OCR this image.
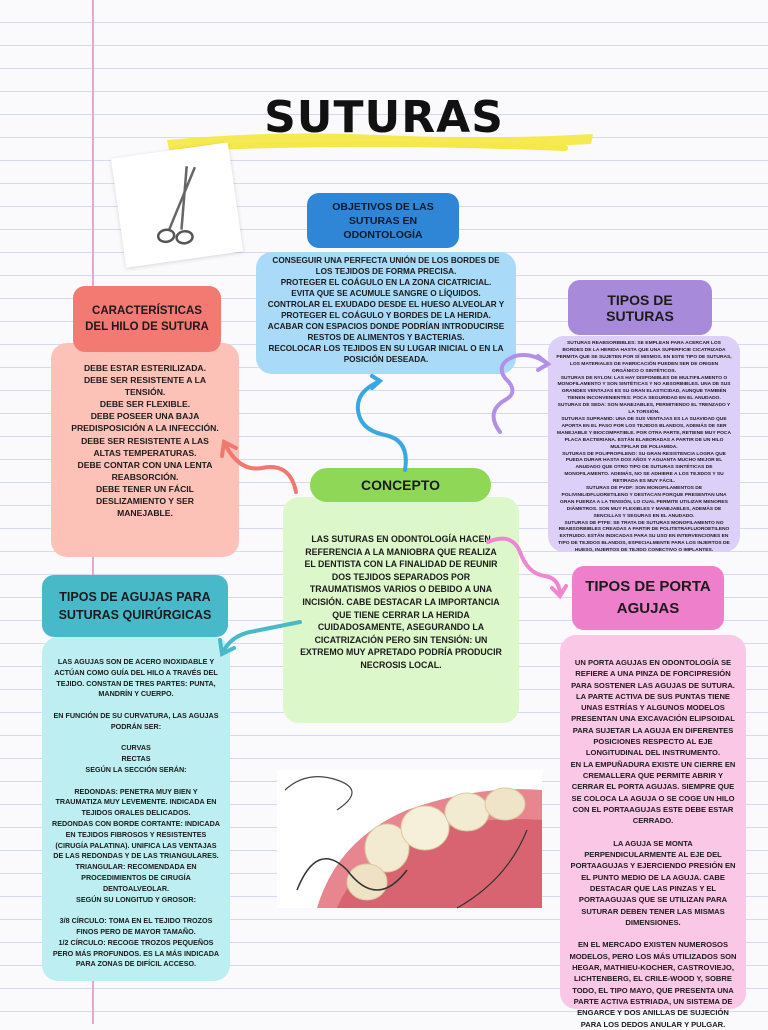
SUTURAS

CONSEGUIR UNA PERFECTA UNIÓN DE LOS BORDES DE LOS TEJIDOS DE FORMA PRECISA.
PROTEGER EL COÁGULO EN LA ZONA CICATRICIAL.
EVITA QUE SE ACUMULE SANGRE O LÍQUIDOS.
CONTROLAR EL EXUDADO DESDE EL HUESO ALVEOLAR Y PROTEGER EL COÁGULO Y BORDES DE LA HERIDA.
ACABAR CON ESPACIOS DONDE PODRÍAN INTRODUCIRSE RESTOS DE ALIMENTOS Y BACTERIAS.
RECOLOCAR LOS TEJIDOS EN SU LUGAR INICIAL O EN LA POSICIÓN DESEADA.

OBJETIVOS DE LAS SUTURAS EN ODONTOLOGÍA

DEBE ESTAR ESTERILIZADA.
DEBE SER RESISTENTE A LA TENSIÓN.
DEBE SER FLEXIBLE.
DEBE POSEER UNA BAJA PREDISPOSICIÓN A LA INFECCIÓN.
DEBE SER RESISTENTE A LAS ALTAS TEMPERATURAS.
DEBE CONTAR CON UNA LENTA REABSORCIÓN.
DEBE TENER UN FÁCIL DESLIZAMIENTO Y SER MANEJABLE.

CARACTERÍSTICAS DEL HILO DE SUTURA

SUTURAS REABSORBIBLES: SE EMPLEAN PARA ACERCAR LOS BORDES DE LA HERIDA HASTA QUE UNA SUPERFICIE CICATRIZADA PERMITA QUE SE SUJETEN POR SÍ MISMOS. EN ESTE TIPO DE SUTURAS, LOS MATERIALES DE FABRICACIÓN PUEDEN SER DE ORIGEN ORGÁNICO O SINTÉTICOS.
SUTURAS DE NYLON: LAS HAY DISPONIBLES DE MULTIFILAMENTO O MONOFILAMENTO Y SON SINTÉTICAS Y NO ABSORBIBLES. UNA DE SUS GRANDES VENTAJAS ES SU GRAN ELASTICIDAD, AUNQUE TAMBIÉN TIENEN INCONVENIENTES: POCA SEGURIDAD EN EL ANUDADO.
SUTURAS DE SEDA: SON MANEJABLES, PERMITIENDO EL TRENZADO Y LA TORSIÓN.
SUTURAS SUPRAMID: UNA DE SUS VENTAJAS ES LA SUAVIDAD QUE APORTA EN EL PASO POR LOS TEJIDOS BLANDOS, ADEMÁS DE SER MANEJABLE Y BIOCOMPATIBLE. POR OTRA PARTE, RETIENE MUY POCA PLACA BACTERIANA. ESTÁN ELABORADAS A PARTIR DE UN HILO MULTIFILAR DE POLIAMIDA.
SUTURAS DE POLIPROPILENO: SU GRAN RESISTENCIA LOGRA QUE PUEDA DURAR HASTA DOS AÑOS Y AGUANTA MUCHO MEJOR EL ANUDADO QUE OTRO TIPO DE SUTURAS SINTÉTICAS DE MONOFILAMENTO. ADEMÁS, NO SE ADHIERE A LOS TEJIDOS Y SU RETIRADA ES MUY FÁCIL.
SUTURAS DE PVDF: SON MONOFILAMENTOS DE POLIVINILIDFLUORETILENO Y DESTACAN PORQUE PRESENTAN UNA GRAN FUERZA A LA TENSIÓN, LO CUAL PERMITE UTILIZAR MENORES DIÁMETROS. SON MUY FLEXIBLES Y MANEJABLES, ADEMÁS DE SENCILLAS Y SEGURAS EN EL ANUDADO.
SUTURAS DE PTFE: SE TRATA DE SUTURAS MONOFILAMENTO NO REABSORBIBLES CREADAS A PARTIR DE POLITETRAFLUOROETILENO EXTRUIDO. ESTÁN INDICADAS PARA SU USO EN INTERVENCIONES EN TIPO DE TEJIDOS BLANDOS, ESPECIALMENTE PARA LOS INJERTOS DE HUESO, INJERTOS DE TEJIDO CONECTIVO O IMPLANTES.

TIPOS DE SUTURAS

LAS SUTURAS EN ODONTOLOGÍA HACEN REFERENCIA A LA MANIOBRA QUE REALIZA EL DENTISTA CON LA FINALIDAD DE REUNIR DOS TEJIDOS SEPARADOS POR TRAUMATISMOS VARIOS O DEBIDO A UNA INCISIÓN. CABE DESTACAR LA IMPORTANCIA QUE TIENE CERRAR LA HERIDA CUIDADOSAMENTE, ASEGURANDO LA CICATRIZACIÓN PERO SIN TENSIÓN: UN EXTREMO MUY APRETADO PODRÍA PRODUCIR NECROSIS LOCAL.

CONCEPTO

LAS AGUJAS SON DE ACERO INOXIDABLE Y ACTÚAN COMO GUÍA DEL HILO A TRAVÉS DEL TEJIDO. CONSTAN DE TRES PARTES: PUNTA, MANDRÍN Y CUERPO.

EN FUNCIÓN DE SU CURVATURA, LAS AGUJAS PODRÁN SER:

CURVAS
RECTAS
SEGÚN LA SECCIÓN SERÁN:

REDONDAS: PENETRA MUY BIEN Y TRAUMATIZA MUY LEVEMENTE. INDICADA EN TEJIDOS ORALES DELICADOS.
REDONDAS CON BORDE CORTANTE: INDICADA EN TEJIDOS FIBROSOS Y RESISTENTES (CIRUGÍA PALATINA). UNIFICA LAS VENTAJAS DE LAS REDONDAS Y DE LAS TRIANGULARES.
TRIANGULAR: RECOMENDADA EN PROCEDIMIENTOS DE CIRUGÍA DENTOALVEOLAR.
SEGÚN SU LONGITUD Y GROSOR:

3/8 CÍRCULO: TOMA EN EL TEJIDO TROZOS FINOS PERO DE MAYOR TAMAÑO.
1/2 CÍRCULO: RECOGE TROZOS PEQUEÑOS PERO MÁS PROFUNDOS. ES LA MÁS INDICADA PARA ZONAS DE DIFÍCIL ACCESO.

TIPOS DE AGUJAS PARA SUTURAS QUIRÚRGICAS

UN PORTA AGUJAS EN ODONTOLOGÍA SE REFIERE A UNA PINZA DE FORCIPRESIÓN PARA SOSTENER LAS AGUJAS DE SUTURA. LA PARTE ACTIVA DE SUS PUNTAS TIENE UNAS ESTRÍAS Y ALGUNOS MODELOS PRESENTAN UNA EXCAVACIÓN ELIPSOIDAL PARA SUJETAR LA AGUJA EN DIFERENTES POSICIONES RESPECTO AL EJE LONGITUDINAL DEL INSTRUMENTO.
EN LA EMPUÑADURA EXISTE UN CIERRE EN CREMALLERA QUE PERMITE ABRIR Y CERRAR EL PORTA AGUJAS. SIEMPRE QUE SE COLOCA LA AGUJA O SE COGE UN HILO CON EL PORTAAGUJAS ESTE DEBE ESTAR CERRADO.

LA AGUJA SE MONTA PERPENDICULARMENTE AL EJE DEL PORTAAGUJAS Y EJERCIENDO PRESIÓN EN EL PUNTO MEDIO DE LA AGUJA. CABE DESTACAR QUE LAS PINZAS Y EL PORTAAGUJAS QUE SE UTILIZAN PARA SUTURAR DEBEN TENER LAS MISMAS DIMENSIONES.

EN EL MERCADO EXISTEN NUMEROSOS MODELOS, PERO LOS MÁS UTILIZADOS SON HEGAR, MATHIEU-KOCHER, CASTROVIEJO, LICHTENBERG, EL CRILE-WOOD Y, SOBRE TODO, EL TIPO MAYO, QUE PRESENTA UNA PARTE ACTIVA ESTRIADA, UN SISTEMA DE ENGARCE Y DOS ANILLAS DE SUJECIÓN PARA LOS DEDOS ANULAR Y PULGAR.

TIPOS DE PORTA AGUJAS
